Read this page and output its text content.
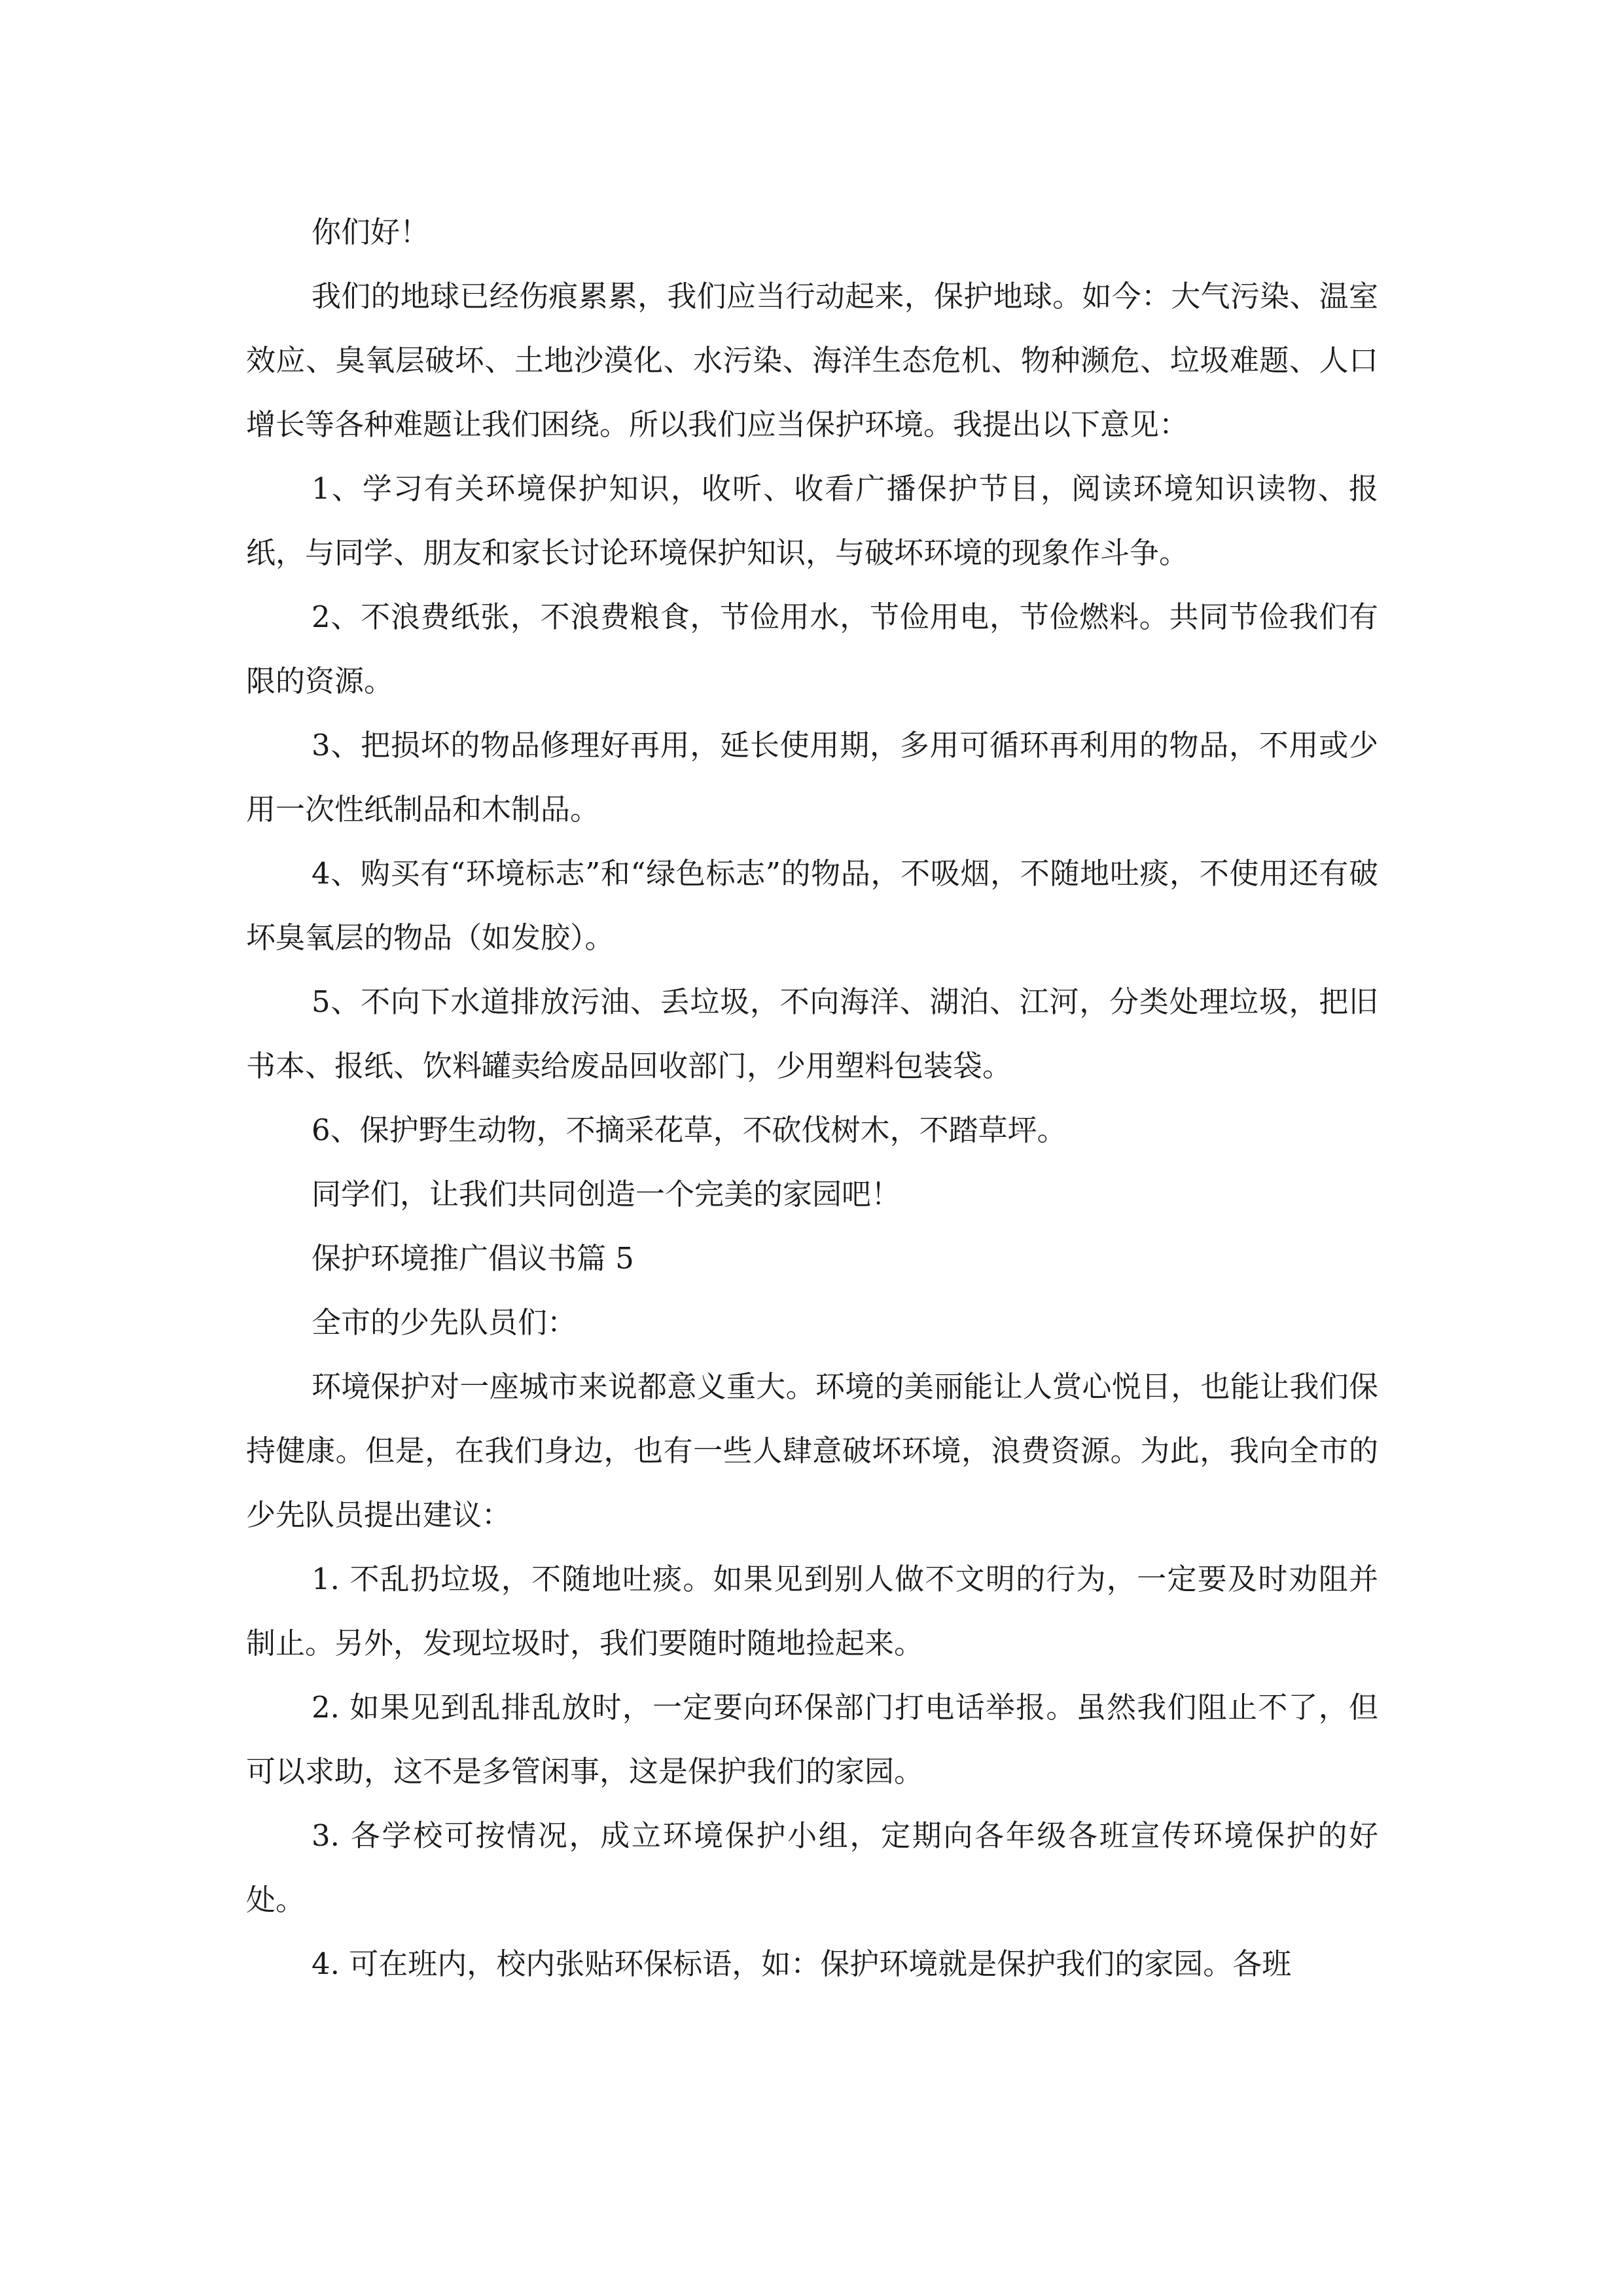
你们好！

我们的地球已经伤痕累累，我们应当行动起来，保护地球。如今：大气污染、温室效应、臭氧层破坏、土地沙漠化、水污染、海洋生态危机、物种濒危、垃圾难题、人口增长等各种难题让我们困绕。所以我们应当保护环境。我提出以下意见：

1、学习有关环境保护知识，收听、收看广播保护节目，阅读环境知识读物、报纸，与同学、朋友和家长讨论环境保护知识，与破坏环境的现象作斗争。

2、不浪费纸张，不浪费粮食，节俭用水，节俭用电，节俭燃料。共同节俭我们有限的资源。

3、把损坏的物品修理好再用，延长使用期，多用可循环再利用的物品，不用或少用一次性纸制品和木制品。

4、购买有“环境标志”和“绿色标志”的物品，不吸烟，不随地吐痰，不使用还有破坏臭氧层的物品（如发胶）。

5、不向下水道排放污油、丢垃圾，不向海洋、湖泊、江河，分类处理垃圾，把旧书本、报纸、饮料罐卖给废品回收部门，少用塑料包装袋。

6、保护野生动物，不摘采花草，不砍伐树木，不踏草坪。

同学们，让我们共同创造一个完美的家园吧！

保护环境推广倡议书篇 5

全市的少先队员们：

环境保护对一座城市来说都意义重大。环境的美丽能让人赏心悦目，也能让我们保持健康。但是，在我们身边，也有一些人肆意破坏环境，浪费资源。为此，我向全市的少先队员提出建议：

1. 不乱扔垃圾，不随地吐痰。如果见到别人做不文明的行为，一定要及时劝阻并制止。另外，发现垃圾时，我们要随时随地捡起来。

2. 如果见到乱排乱放时，一定要向环保部门打电话举报。虽然我们阻止不了，但可以求助，这不是多管闲事，这是保护我们的家园。

3. 各学校可按情况，成立环境保护小组，定期向各年级各班宣传环境保护的好处。

4. 可在班内，校内张贴环保标语，如：保护环境就是保护我们的家园。各班
